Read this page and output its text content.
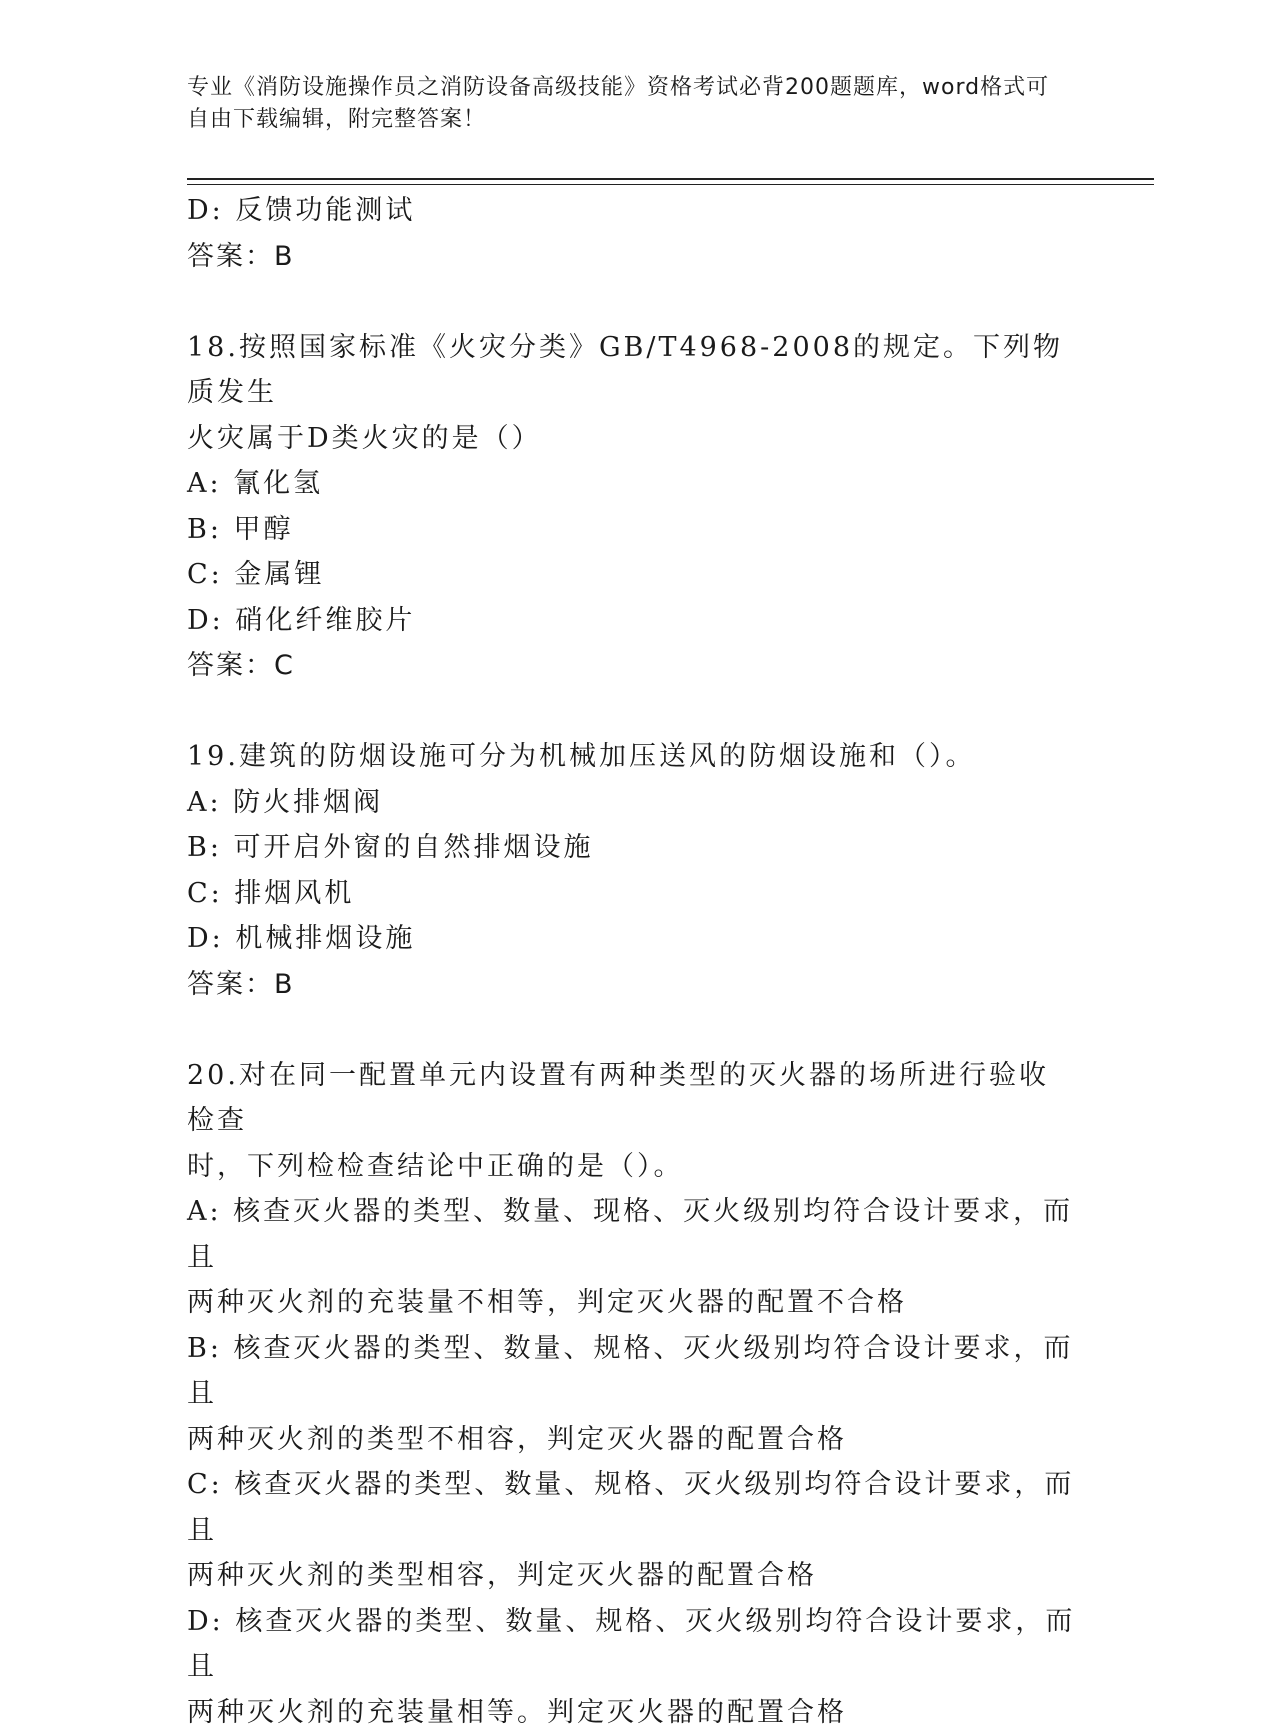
专业《消防设施操作员之消防设备高级技能》资格考试必背200题题库，word格式可自由下载编辑，附完整答案！
D: 反馈功能测试
答案：B
18.按照国家标准《火灾分类》GB/T4968-2008的规定。下列物质发生
火灾属于D类火灾的是（）
A: 氰化氢
B: 甲醇
C: 金属锂
D: 硝化纤维胶片
答案：C
19.建筑的防烟设施可分为机械加压送风的防烟设施和（）。
A: 防火排烟阀
B: 可开启外窗的自然排烟设施
C: 排烟风机
D: 机械排烟设施
答案：B
20.对在同一配置单元内设置有两种类型的灭火器的场所进行验收检查
时，下列检检查结论中正确的是（）。
A: 核查灭火器的类型、数量、现格、灭火级别均符合设计要求，而且
两种灭火剂的充装量不相等，判定灭火器的配置不合格
B: 核查灭火器的类型、数量、规格、灭火级别均符合设计要求，而且
两种灭火剂的类型不相容，判定灭火器的配置合格
C: 核查灭火器的类型、数量、规格、灭火级别均符合设计要求，而且
两种灭火剂的类型相容，判定灭火器的配置合格
D: 核查灭火器的类型、数量、规格、灭火级别均符合设计要求，而且
两种灭火剂的充装量相等。判定灭火器的配置合格
